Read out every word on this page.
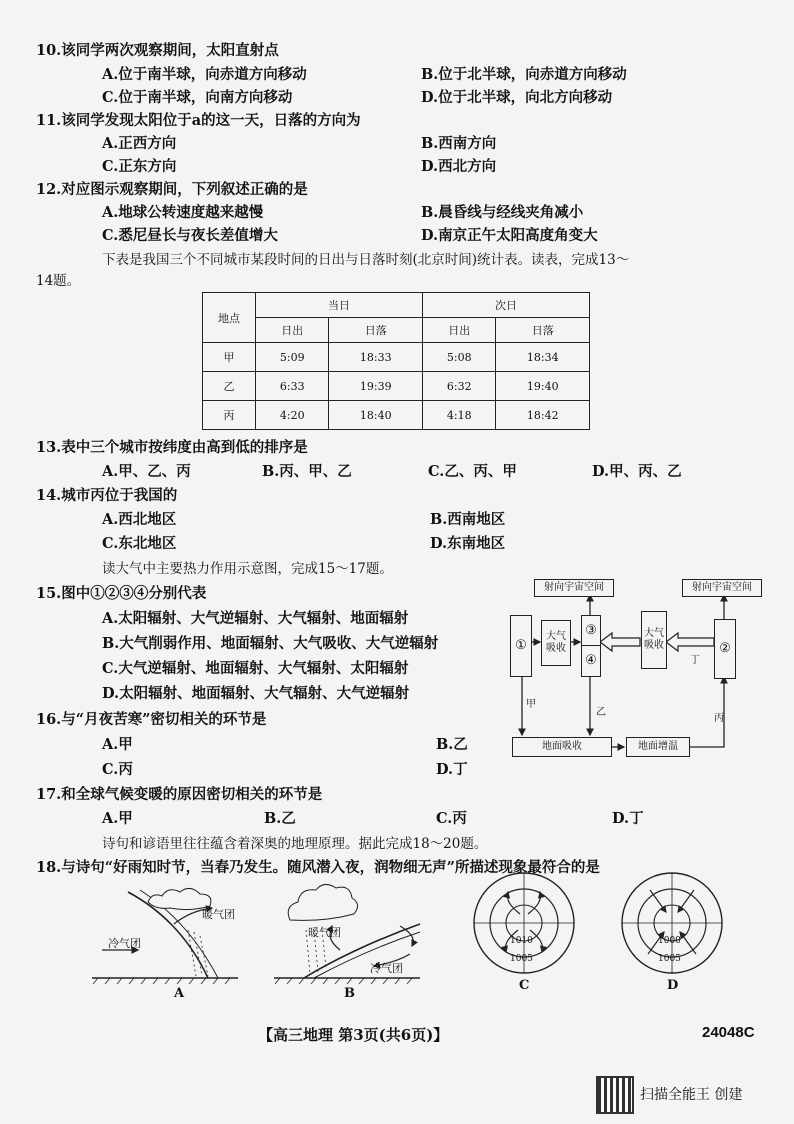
10.该同学两次观察期间，太阳直射点
A.位于南半球，向赤道方向移动	B.位于北半球，向赤道方向移动
C.位于南半球，向南方向移动	D.位于北半球，向北方向移动
11.该同学发现太阳位于a的这一天，日落的方向为
A.正西方向	B.西南方向
C.正东方向	D.西北方向
12.对应图示观察期间，下列叙述正确的是
A.地球公转速度越来越慢	B.晨昏线与经线夹角减小
C.悉尼昼长与夜长差值增大	D.南京正午太阳高度角变大
下表是我国三个不同城市某段时间的日出与日落时刻(北京时间)统计表。读表，完成13～
14题。
地点	当日		次日	
	日出	日落	日出	日落
甲	5:09	18:33	5:08	18:34
乙	6:33	19:39	6:32	19:40
丙	4:20	18:40	4:18	18:42
13.表中三个城市按纬度由高到低的排序是
A.甲、乙、丙	B.丙、甲、乙	C.乙、丙、甲	D.甲、丙、乙
14.城市丙位于我国的
A.西北地区	B.西南地区
C.东北地区	D.东南地区
读大气中主要热力作用示意图，完成15～17题。
15.图中①②③④分别代表
A.太阳辐射、大气逆辐射、大气辐射、地面辐射
B.大气削弱作用、地面辐射、大气吸收、大气逆辐射
C.大气逆辐射、地面辐射、大气辐射、太阳辐射
D.太阳辐射、地面辐射、大气辐射、大气逆辐射
16.与“月夜苦寒”密切相关的环节是
A.甲	B.乙
C.丙	D.丁
17.和全球气候变暖的原因密切相关的环节是
A.甲	B.乙	C.丙	D.丁
诗句和谚语里往往蕴含着深奥的地理原理。据此完成18～20题。
18.与诗句“好雨知时节，当春乃发生。随风潜入夜，润物细无声”所描述现象最符合的是
射向宇宙空间	射向宇宙空间
①
大气吸收
③
④
大气吸收	②
地面吸收	地面增温
甲
乙
丙
丁
暖气团
冷气团
A
暖气团
冷气团
B
1010
1005
C
1000
1005
D
【高三地理 第3页(共6页)】	24048C
扫描全能王 创建
